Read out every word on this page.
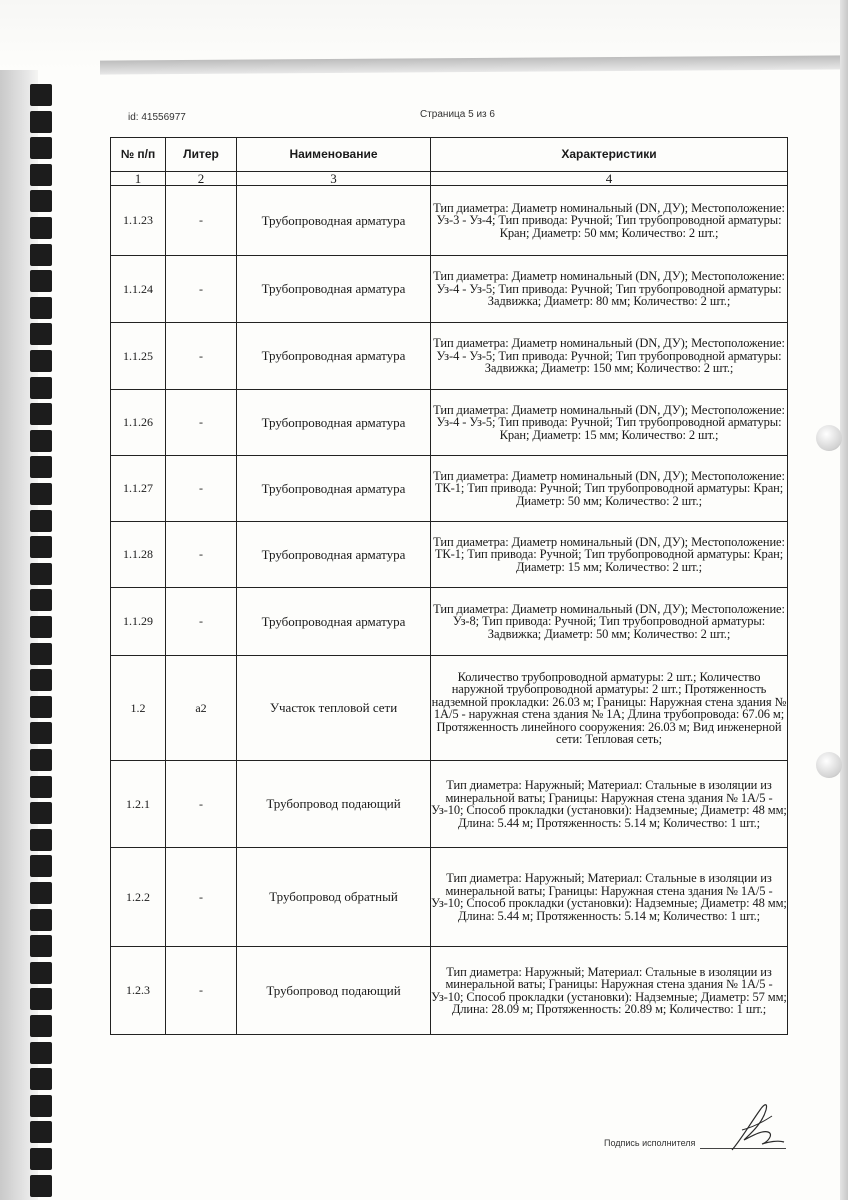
id: 41556977	Страница 5 из 6
№ п/п	Литер	Наименование	Характеристики
1	2	3	4
1.1.23	-	Трубопроводная арматура	Тип диаметра: Диаметр номинальный (DN, ДУ); Местоположение: Уз-3 - Уз-4; Тип привода: Ручной; Тип трубопроводной арматуры: Кран; Диаметр: 50 мм; Количество: 2 шт.;
1.1.24	-	Трубопроводная арматура	Тип диаметра: Диаметр номинальный (DN, ДУ); Местоположение: Уз-4 - Уз-5; Тип привода: Ручной; Тип трубопроводной арматуры: Задвижка; Диаметр: 80 мм; Количество: 2 шт.;
1.1.25	-	Трубопроводная арматура	Тип диаметра: Диаметр номинальный (DN, ДУ); Местоположение: Уз-4 - Уз-5; Тип привода: Ручной; Тип трубопроводной арматуры: Задвижка; Диаметр: 150 мм; Количество: 2 шт.;
1.1.26	-	Трубопроводная арматура	Тип диаметра: Диаметр номинальный (DN, ДУ); Местоположение: Уз-4 - Уз-5; Тип привода: Ручной; Тип трубопроводной арматуры: Кран; Диаметр: 15 мм; Количество: 2 шт.;
1.1.27	-	Трубопроводная арматура	Тип диаметра: Диаметр номинальный (DN, ДУ); Местоположение: ТК-1; Тип привода: Ручной; Тип трубопроводной арматуры: Кран; Диаметр: 50 мм; Количество: 2 шт.;
1.1.28	-	Трубопроводная арматура	Тип диаметра: Диаметр номинальный (DN, ДУ); Местоположение: ТК-1; Тип привода: Ручной; Тип трубопроводной арматуры: Кран; Диаметр: 15 мм; Количество: 2 шт.;
1.1.29	-	Трубопроводная арматура	Тип диаметра: Диаметр номинальный (DN, ДУ); Местоположение: Уз-8; Тип привода: Ручной; Тип трубопроводной арматуры: Задвижка; Диаметр: 50 мм; Количество: 2 шт.;
1.2	а2	Участок тепловой сети	Количество трубопроводной арматуры: 2 шт.; Количество наружной трубопроводной арматуры: 2 шт.; Протяженность надземной прокладки: 26.03 м; Границы: Наружная стена здания № 1А/5 - наружная стена здания № 1А; Длина трубопровода: 67.06 м; Протяженность линейного сооружения: 26.03 м; Вид инженерной сети: Тепловая сеть;
1.2.1	-	Трубопровод подающий	Тип диаметра: Наружный; Материал: Стальные в изоляции из минеральной ваты; Границы: Наружная стена здания № 1А/5 - Уз-10; Способ прокладки (установки): Надземные; Диаметр: 48 мм; Длина: 5.44 м; Протяженность: 5.14 м; Количество: 1 шт.;
1.2.2	-	Трубопровод обратный	Тип диаметра: Наружный; Материал: Стальные в изоляции из минеральной ваты; Границы: Наружная стена здания № 1А/5 - Уз-10; Способ прокладки (установки): Надземные; Диаметр: 48 мм; Длина: 5.44 м; Протяженность: 5.14 м; Количество: 1 шт.;
1.2.3	-	Трубопровод подающий	Тип диаметра: Наружный; Материал: Стальные в изоляции из минеральной ваты; Границы: Наружная стена здания № 1А/5 - Уз-10; Способ прокладки (установки): Надземные; Диаметр: 57 мм; Длина: 28.09 м; Протяженность: 20.89 м; Количество: 1 шт.;
Подпись исполнителя
